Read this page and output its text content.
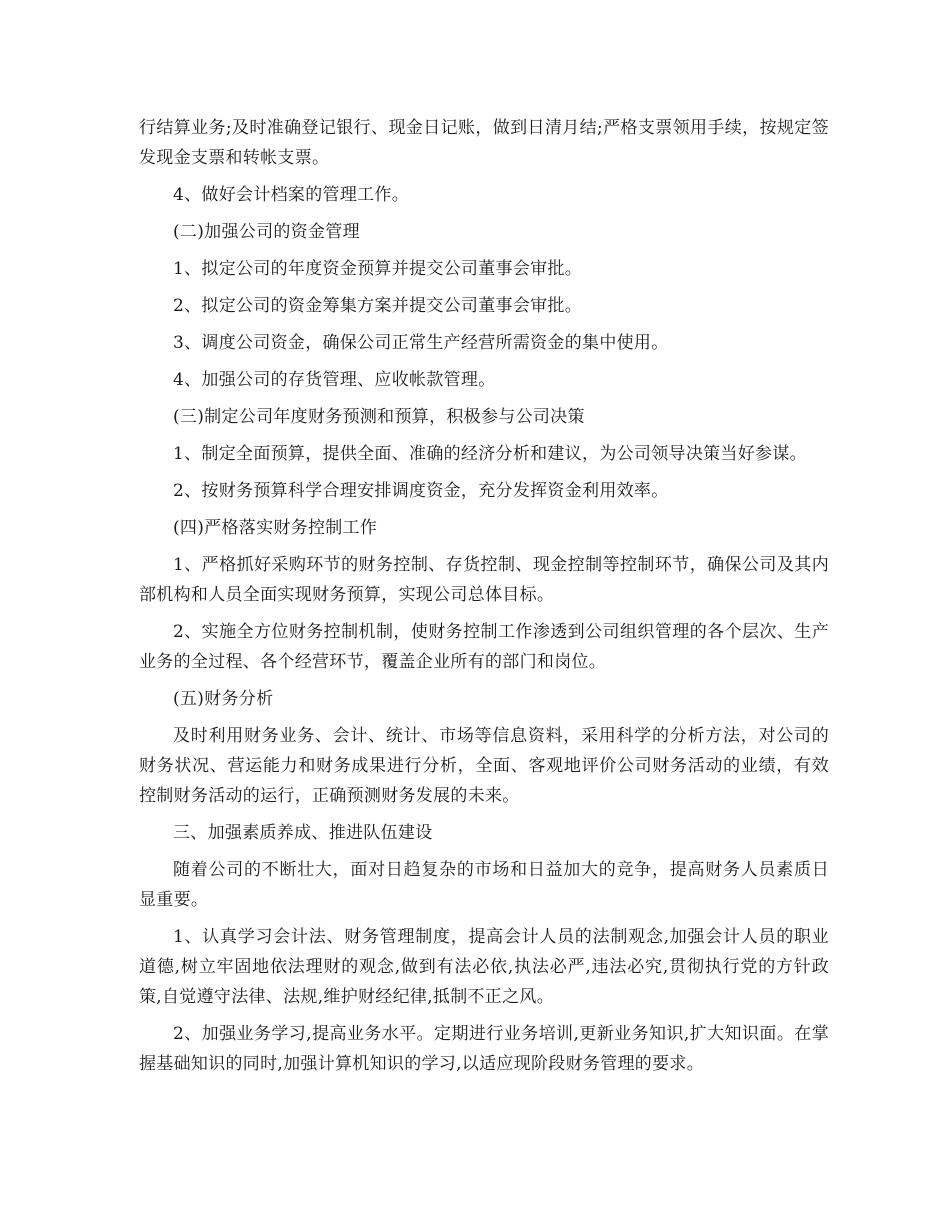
行结算业务;及时准确登记银行、现金日记账，做到日清月结;严格支票领用手续，按规定签发现金支票和转帐支票。

4、做好会计档案的管理工作。

(二)加强公司的资金管理

1、拟定公司的年度资金预算并提交公司董事会审批。

2、拟定公司的资金筹集方案并提交公司董事会审批。

3、调度公司资金，确保公司正常生产经营所需资金的集中使用。

4、加强公司的存货管理、应收帐款管理。

(三)制定公司年度财务预测和预算，积极参与公司决策

1、制定全面预算，提供全面、准确的经济分析和建议，为公司领导决策当好参谋。

2、按财务预算科学合理安排调度资金，充分发挥资金利用效率。

(四)严格落实财务控制工作

1、严格抓好采购环节的财务控制、存货控制、现金控制等控制环节，确保公司及其内部机构和人员全面实现财务预算，实现公司总体目标。

2、实施全方位财务控制机制，使财务控制工作渗透到公司组织管理的各个层次、生产业务的全过程、各个经营环节，覆盖企业所有的部门和岗位。

(五)财务分析

及时利用财务业务、会计、统计、市场等信息资料，采用科学的分析方法，对公司的财务状况、营运能力和财务成果进行分析，全面、客观地评价公司财务活动的业绩，有效控制财务活动的运行，正确预测财务发展的未来。

三、加强素质养成、推进队伍建设

随着公司的不断壮大，面对日趋复杂的市场和日益加大的竞争，提高财务人员素质日显重要。

1、认真学习会计法、财务管理制度，提高会计人员的法制观念,加强会计人员的职业道德,树立牢固地依法理财的观念,做到有法必依,执法必严,违法必究,贯彻执行党的方针政策,自觉遵守法律、法规,维护财经纪律,抵制不正之风。

2、加强业务学习,提高业务水平。定期进行业务培训,更新业务知识,扩大知识面。在掌握基础知识的同时,加强计算机知识的学习,以适应现阶段财务管理的要求。
